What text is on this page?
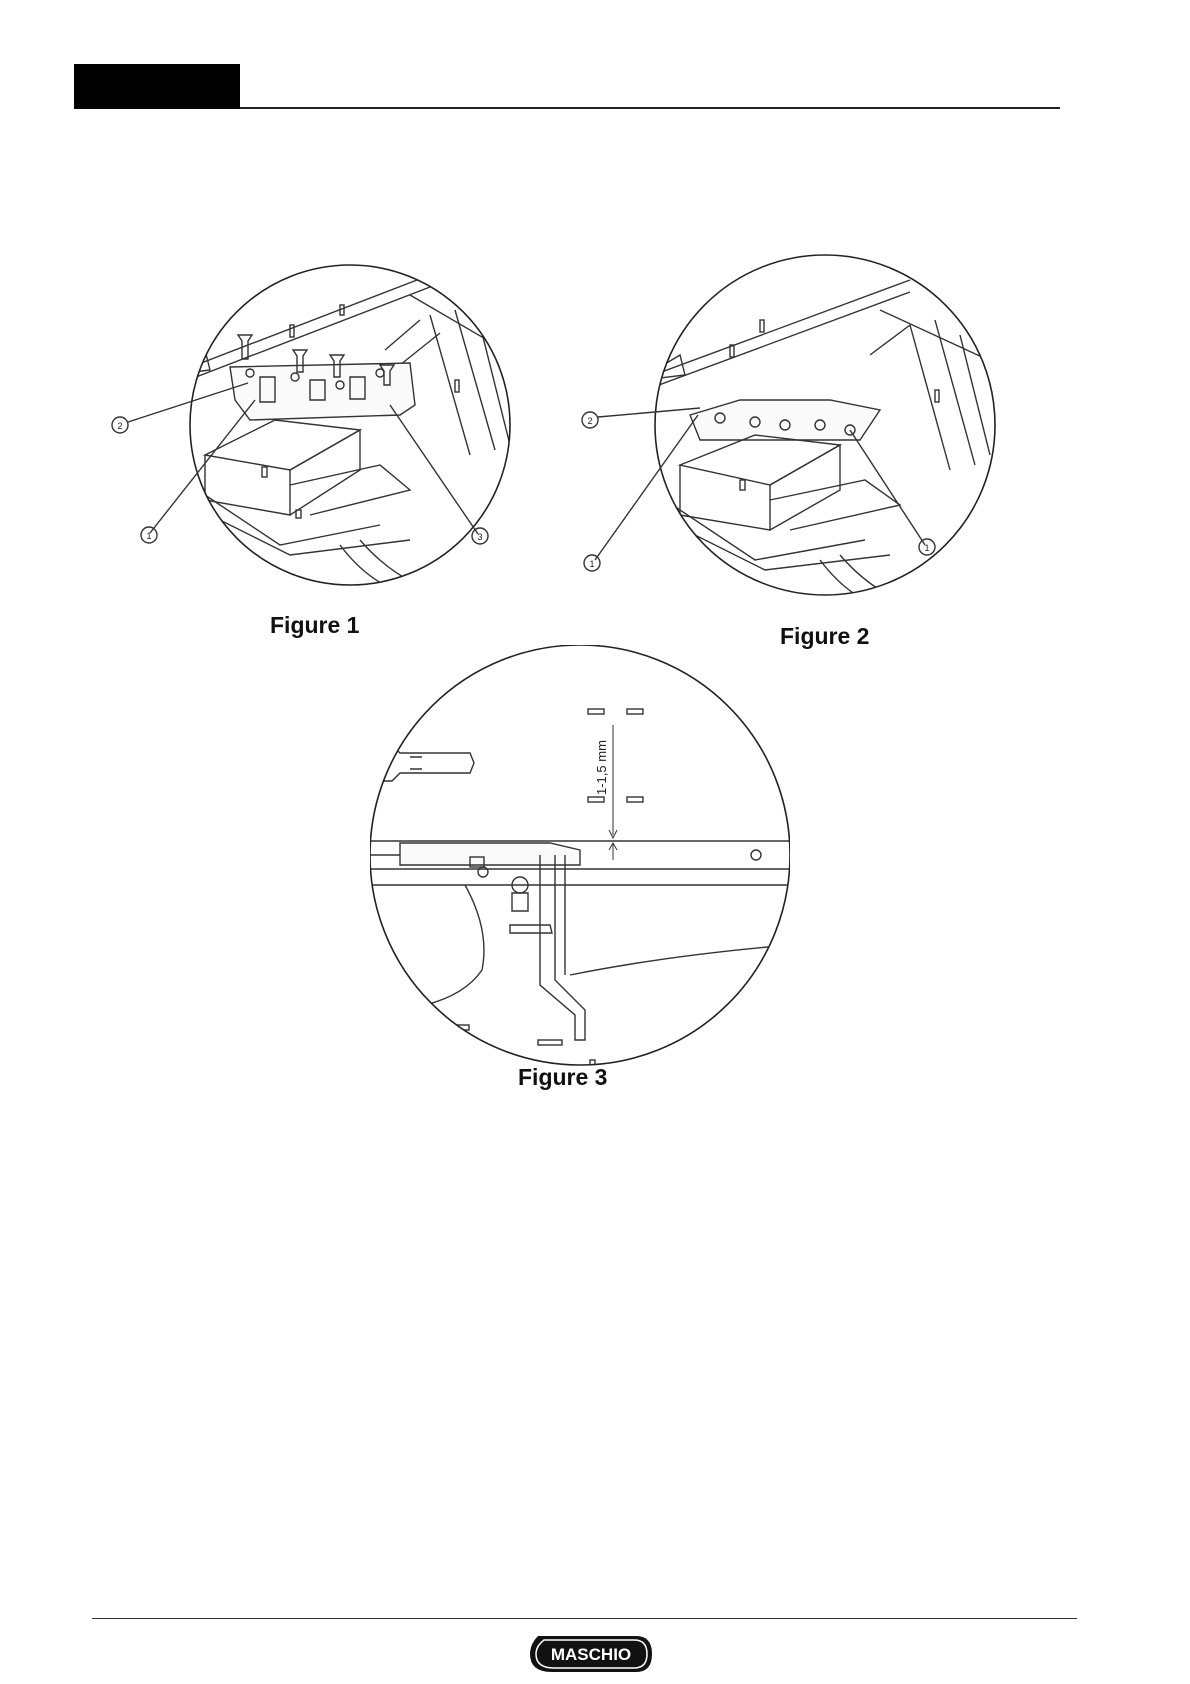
2
1	3
Figure 1
2
1
1
Figure 2
1-1,5 mm
Figure 3
MASCHIO
